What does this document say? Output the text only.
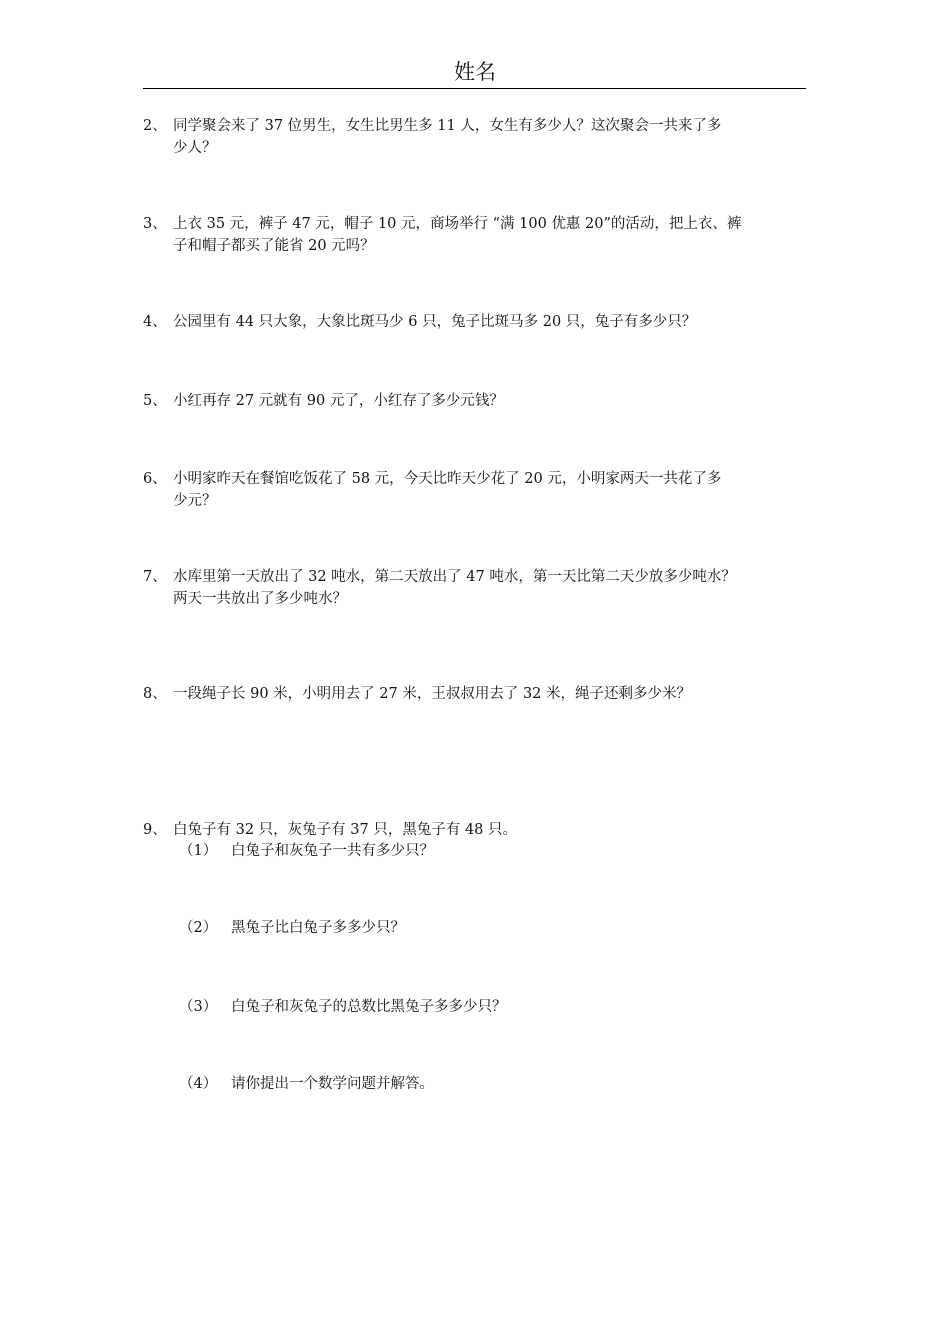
姓名
2、 同学聚会来了 37 位男生，女生比男生多 11 人，女生有多少人？这次聚会一共来了多
少人？
3、 上衣 35 元，裤子 47 元，帽子 10 元，商场举行 “满 100 优惠 20”的活动，把上衣、裤
子和帽子都买了能省 20 元吗？
4、 公园里有 44 只大象，大象比斑马少 6 只，兔子比斑马多 20 只，兔子有多少只？
5、 小红再存 27 元就有 90 元了，小红存了多少元钱？
6、 小明家昨天在餐馆吃饭花了 58 元，今天比昨天少花了 20 元，小明家两天一共花了多
少元？
7、 水库里第一天放出了 32 吨水，第二天放出了 47 吨水，第一天比第二天少放多少吨水？
两天一共放出了多少吨水？
8、 一段绳子长 90 米，小明用去了 27 米，王叔叔用去了 32 米，绳子还剩多少米？
9、 白兔子有 32 只，灰兔子有 37 只，黑兔子有 48 只。
（1） 白兔子和灰兔子一共有多少只？
（2） 黑兔子比白兔子多多少只？
（3） 白兔子和灰兔子的总数比黑兔子多多少只？
（4） 请你提出一个数学问题并解答。
